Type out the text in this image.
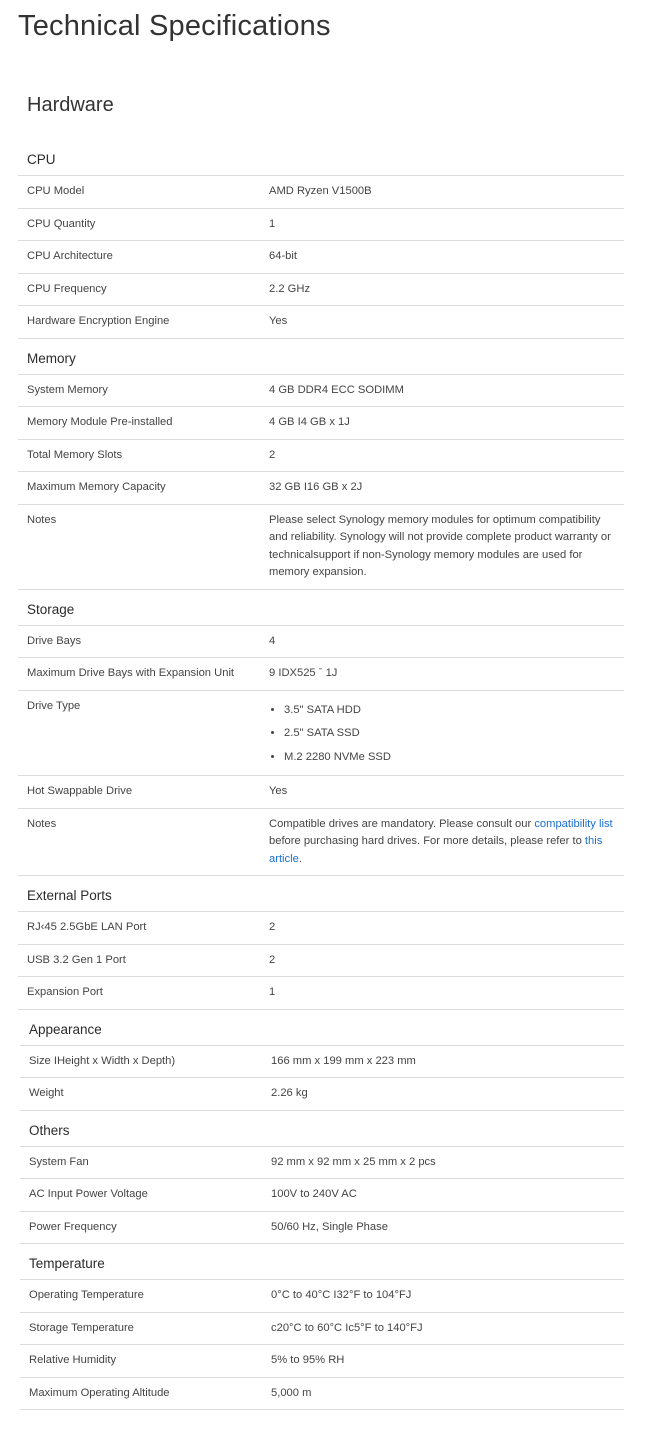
Technical Specifications
Hardware
CPU
CPU Model	AMD Ryzen V1500B
CPU Quantity	1
CPU Architecture	64-bit
CPU Frequency	2.2 GHz
Hardware Encryption Engine	Yes
Memory
System Memory	4 GB DDR4 ECC SODIMM
Memory Module Pre-installed	4 GB I4 GB x 1J
Total Memory Slots	2
Maximum Memory Capacity	32 GB I16 GB x 2J
Notes	Please select Synology memory modules for optimum compatibility and reliability. Synology will not provide complete product warranty or technicalsupport if non-Synology memory modules are used for memory expansion.
Storage
Drive Bays	4
Maximum Drive Bays with Expansion Unit	9 IDX525 ˉ 1J
Drive Type	• 3.5" SATA HDD
• 2.5" SATA SSD
• M.2 2280 NVMe SSD
Hot Swappable Drive	Yes
Notes	Compatible drives are mandatory. Please consult our compatibility list before purchasing hard drives. For more details, please refer to this article.
External Ports
RJ‹45 2.5GbE LAN Port	2
USB 3.2 Gen 1 Port	2
Expansion Port	1
Appearance
Size IHeight x Width x Depth)	166 mm x 199 mm x 223 mm
Weight	2.26 kg
Others
System Fan	92 mm x 92 mm x 25 mm x 2 pcs
AC Input Power Voltage	100V to 240V AC
Power Frequency	50/60 Hz, Single Phase
Temperature
Operating Temperature	0°C to 40°C I32°F to 104°FJ
Storage Temperature	c20°C to 60°C Ic5°F to 140°FJ
Relative Humidity	5% to 95% RH
Maximum Operating Altitude	5,000 m
